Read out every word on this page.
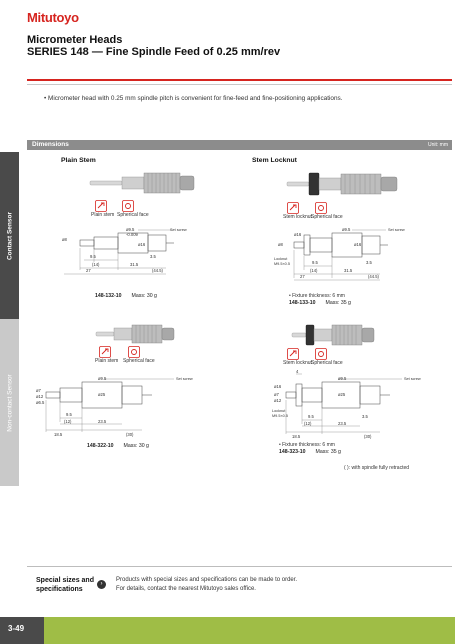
Mitutoyo
Micrometer Heads
SERIES 148 — Fine Spindle Feed of 0.25 mm/rev
• Micrometer head with 0.25 mm spindle pitch is convenient for fine-feed and fine-positioning applications.
Dimensions	Unit: mm
Contact Sensor
Non-contact Sensor
Plain Stem	Stem Locknut
Plain stem Spherical face
ø8
ø9.5
-0.009
ø16
Set screw
9.5
(14)
3.5
31.5
27	(44.5)
148-132-10 Mass: 30 g
Stem locknut Spherical face
ø8
ø16
ø9.5
ø16
Set screw
Locknut
M9.5×0.5	9.5
(14)
3.5
31.5
27	(44.5)
• Fixture thickness: 6 mm
148-133-10 Mass: 35 g
Plain stem Spherical face
ø7
ø12
ø6.5
ø9.5
ø25
Set screw
9.5
(12)	23.5
18.5	(30)
148-322-10 Mass: 30 g
Stem locknut Spherical face
4
ø16
ø7
ø12
ø9.5
ø25
Set screw
Locknut
M9.5×0.5	9.5
(12)	23.5
3.5
18.5	(30)
• Fixture thickness: 6 mm
148-323-10 Mass: 35 g
( ): with spindle fully retracted
Special sizes and
specifications
›
Products with special sizes and specifications can be made to order.
For details, contact the nearest Mitutoyo sales office.
3-49
